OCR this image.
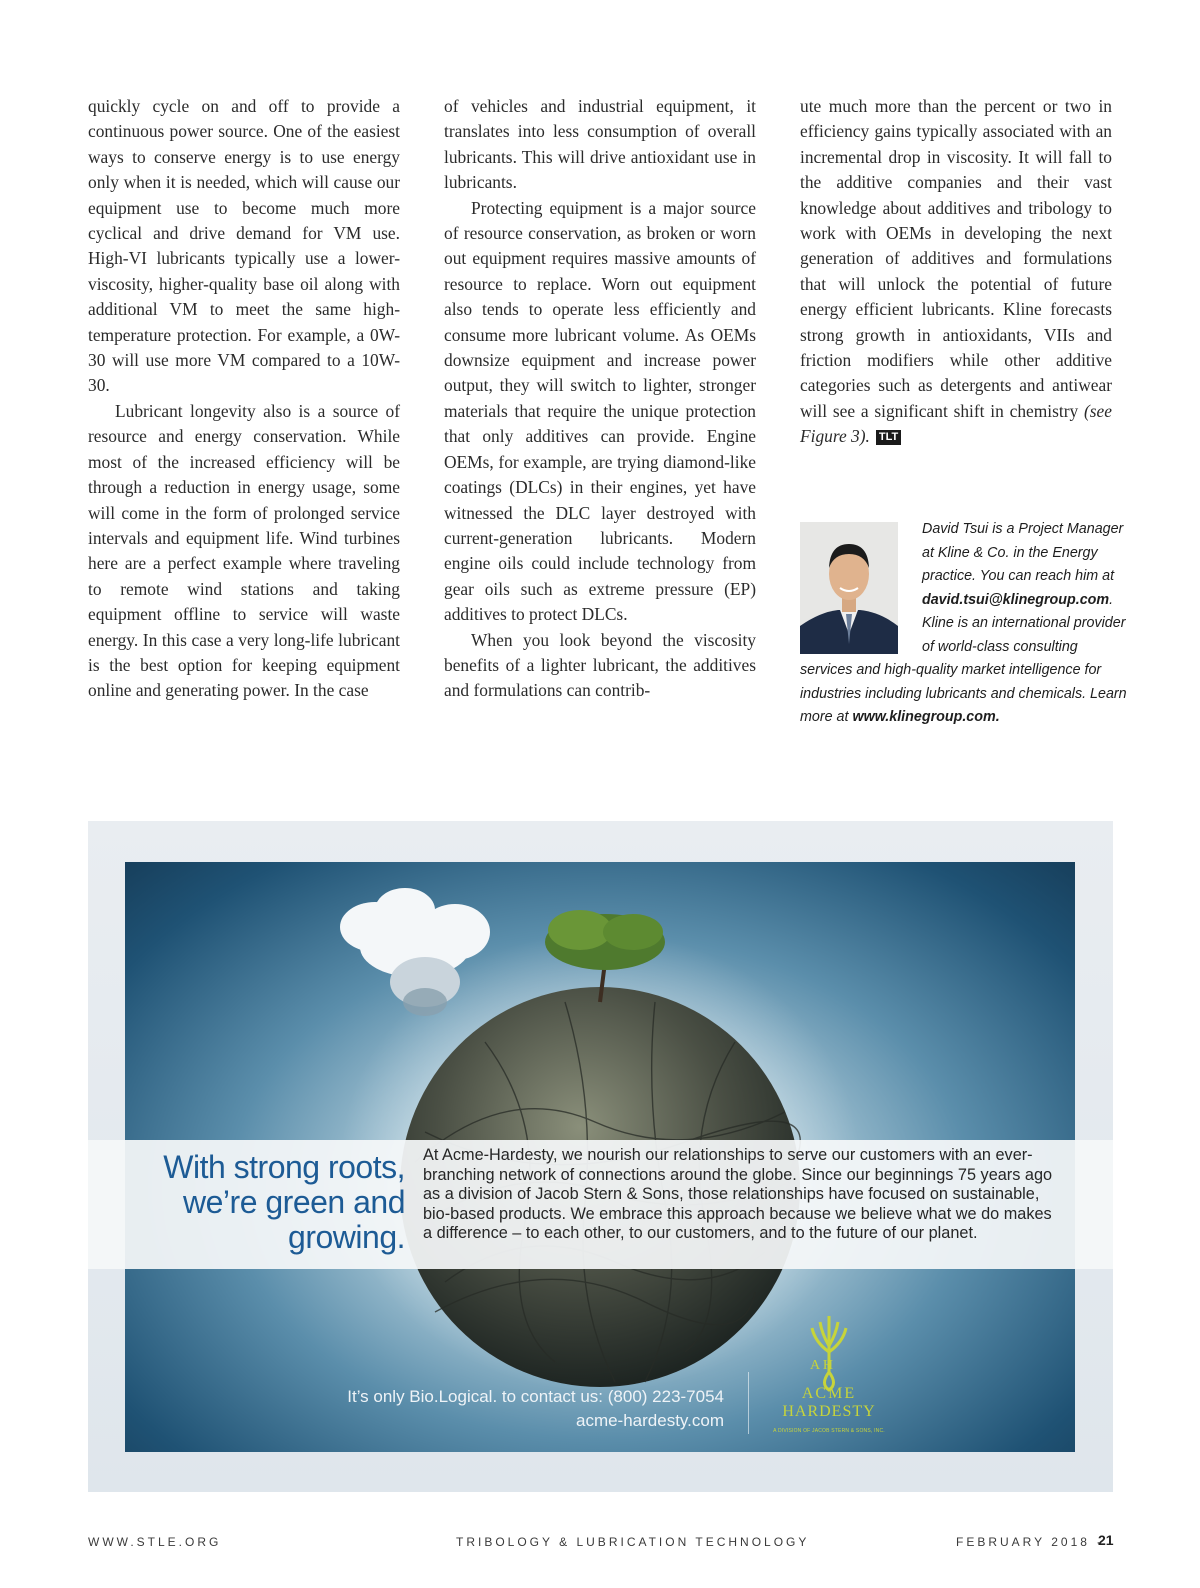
quickly cycle on and off to provide a continuous power source. One of the easiest ways to conserve energy is to use energy only when it is needed, which will cause our equipment use to become much more cyclical and drive demand for VM use. High-VI lubricants typically use a lower-viscosity, higher-quality base oil along with additional VM to meet the same high-temperature protection. For example, a 0W-30 will use more VM compared to a 10W-30.

Lubricant longevity also is a source of resource and energy conservation. While most of the increased efficiency will be through a reduction in energy usage, some will come in the form of prolonged service intervals and equipment life. Wind turbines here are a perfect example where traveling to remote wind stations and taking equipment offline to service will waste energy. In this case a very long-life lubricant is the best option for keeping equipment online and generating power. In the case

of vehicles and industrial equipment, it translates into less consumption of overall lubricants. This will drive antioxidant use in lubricants.

Protecting equipment is a major source of resource conservation, as broken or worn out equipment requires massive amounts of resource to replace. Worn out equipment also tends to operate less efficiently and consume more lubricant volume. As OEMs downsize equipment and increase power output, they will switch to lighter, stronger materials that require the unique protection that only additives can provide. Engine OEMs, for example, are trying diamond-like coatings (DLCs) in their engines, yet have witnessed the DLC layer destroyed with current-generation lubricants. Modern engine oils could include technology from gear oils such as extreme pressure (EP) additives to protect DLCs.

When you look beyond the viscosity benefits of a lighter lubricant, the additives and formulations can contrib-

ute much more than the percent or two in efficiency gains typically associated with an incremental drop in viscosity. It will fall to the additive companies and their vast knowledge about additives and tribology to work with OEMs in developing the next generation of additives and formulations that will unlock the potential of future energy efficient lubricants. Kline forecasts strong growth in antioxidants, VIIs and friction modifiers while other additive categories such as detergents and antiwear will see a significant shift in chemistry (see Figure 3). TLT

David Tsui is a Project Manager at Kline & Co. in the Energy practice. You can reach him at david.tsui@klinegroup.com. Kline is an international provider of world-class consulting services and high-quality market intelligence for industries including lubricants and chemicals. Learn more at www.klinegroup.com.

With strong roots, we’re green and growing.
At Acme-Hardesty, we nourish our relationships to serve our customers with an ever-branching network of connections around the globe. Since our beginnings 75 years ago as a division of Jacob Stern & Sons, those relationships have focused on sustainable, bio-based products. We embrace this approach because we believe what we do makes a difference – to each other, to our customers, and to the future of our planet.
It’s only Bio.Logical. to contact us: (800) 223-7054
acme-hardesty.com
A H
ACME
HARDESTY
A DIVISION OF JACOB STERN & SONS, INC.
WWW.STLE.ORG	TRIBOLOGY & LUBRICATION TECHNOLOGY	FEBRUARY 2018 ·
21
